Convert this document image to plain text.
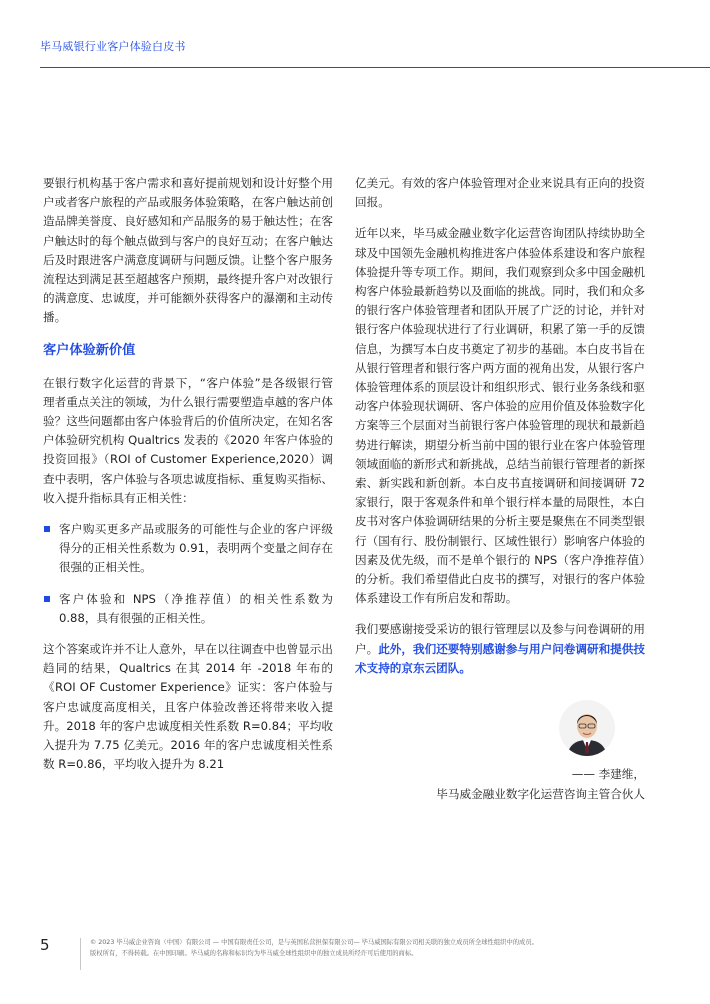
毕马威银行业客户体验白皮书

要银行机构基于客户需求和喜好提前规划和设计好整个用户或者客户旅程的产品或服务体验策略，在客户触达前创造品牌美誉度、良好感知和产品服务的易于触达性；在客户触达时的每个触点做到与客户的良好互动；在客户触达后及时跟进客户满意度调研与问题反馈。让整个客户服务流程达到满足甚至超越客户预期，最终提升客户对改银行的满意度、忠诚度，并可能额外获得客户的瀑潮和主动传播。

客户体验新价值

在银行数字化运营的背景下，“客户体验”是各级银行管理者重点关注的领域，为什么银行需要塑造卓越的客户体验？这些问题都由客户体验背后的价值所决定，在知名客户体验研究机构 Qualtrics 发表的《2020 年客户体验的投资回报》（ROI of Customer Experience,2020）调查中表明，客户体验与各项忠诚度指标、重复购买指标、收入提升指标具有正相关性：

客户购买更多产品或服务的可能性与企业的客户评级得分的正相关性系数为 0.91，表明两个变量之间存在很强的正相关性。
客户体验和 NPS（净推荐值）的相关性系数为 0.88，具有很强的正相关性。

这个答案或许并不让人意外，早在以往调查中也曾显示出趋同的结果，Qualtrics 在其 2014 年 -2018 年布的《ROI OF Customer Experience》证实：客户体验与客户忠诚度高度相关，且客户体验改善还将带来收入提升。2018 年的客户忠诚度相关性系数 R=0.84；平均收入提升为 7.75 亿美元。2016 年的客户忠诚度相关性系数 R=0.86，平均收入提升为 8.21

亿美元。有效的客户体验管理对企业来说具有正向的投资回报。

近年以来，毕马威金融业数字化运营咨询团队持续协助全球及中国领先金融机构推进客户体验体系建设和客户旅程体验提升等专项工作。期间，我们观察到众多中国金融机构客户体验最新趋势以及面临的挑战。同时，我们和众多的银行客户体验管理者和团队开展了广泛的讨论，并针对银行客户体验现状进行了行业调研，积累了第一手的反馈信息，为撰写本白皮书奠定了初步的基础。本白皮书旨在从银行管理者和银行客户两方面的视角出发，从银行客户体验管理体系的顶层设计和组织形式、银行业务条线和驱动客户体验现状调研、客户体验的应用价值及体验数字化方案等三个层面对当前银行客户体验管理的现状和最新趋势进行解读，期望分析当前中国的银行业在客户体验管理领域面临的新形式和新挑战，总结当前银行管理者的新探索、新实践和新创新。本白皮书直接调研和间接调研 72 家银行，限于客观条件和单个银行样本量的局限性，本白皮书对客户体验调研结果的分析主要是聚焦在不同类型银行（国有行、股份制银行、区域性银行）影响客户体验的因素及优先级，而不是单个银行的 NPS（客户净推荐值）的分析。我们希望借此白皮书的撰写，对银行的客户体验体系建设工作有所启发和帮助。

我们要感谢接受采访的银行管理层以及参与问卷调研的用户。此外，我们还要特别感谢参与用户问卷调研和提供技术支持的京东云团队。

—— 李建维，
毕马威金融业数字化运营咨询主管合伙人
5	© 2023 毕马威企业咨询（中国）有限公司 — 中国有限责任公司，是与英国私营担保有限公司— 毕马威国际有限公司相关联的独立成员所全球性组织中的成员。
版权所有，不得转载。在中国印刷。毕马威的名称和标识均为毕马威全球性组织中的独立成员所经许可后使用的商标。
